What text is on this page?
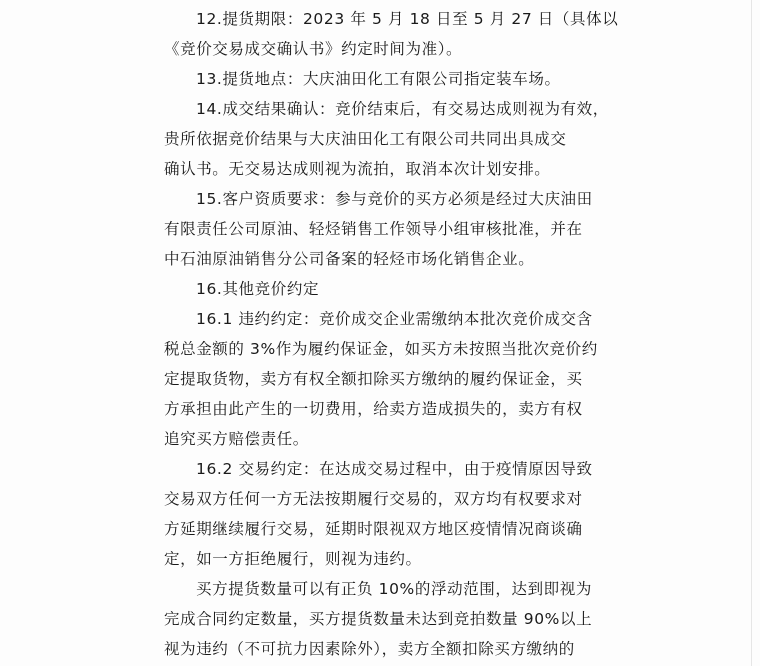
12.提货期限：2023 年 5 月 18 日至 5 月 27 日（具体以
《竞价交易成交确认书》约定时间为准）。
13.提货地点：大庆油田化工有限公司指定装车场。
14.成交结果确认：竞价结束后，有交易达成则视为有效，
贵所依据竞价结果与大庆油田化工有限公司共同出具成交
确认书。无交易达成则视为流拍，取消本次计划安排。
15.客户资质要求：参与竞价的买方必须是经过大庆油田
有限责任公司原油、轻烃销售工作领导小组审核批准，并在
中石油原油销售分公司备案的轻烃市场化销售企业。
16.其他竞价约定
16.1 违约约定：竞价成交企业需缴纳本批次竞价成交含
税总金额的 3%作为履约保证金，如买方未按照当批次竞价约
定提取货物，卖方有权全额扣除买方缴纳的履约保证金，买
方承担由此产生的一切费用，给卖方造成损失的，卖方有权
追究买方赔偿责任。
16.2 交易约定：在达成交易过程中，由于疫情原因导致
交易双方任何一方无法按期履行交易的，双方均有权要求对
方延期继续履行交易，延期时限视双方地区疫情情况商谈确
定，如一方拒绝履行，则视为违约。
买方提货数量可以有正负 10%的浮动范围，达到即视为
完成合同约定数量，买方提货数量未达到竞拍数量 90%以上
视为违约（不可抗力因素除外），卖方全额扣除买方缴纳的
